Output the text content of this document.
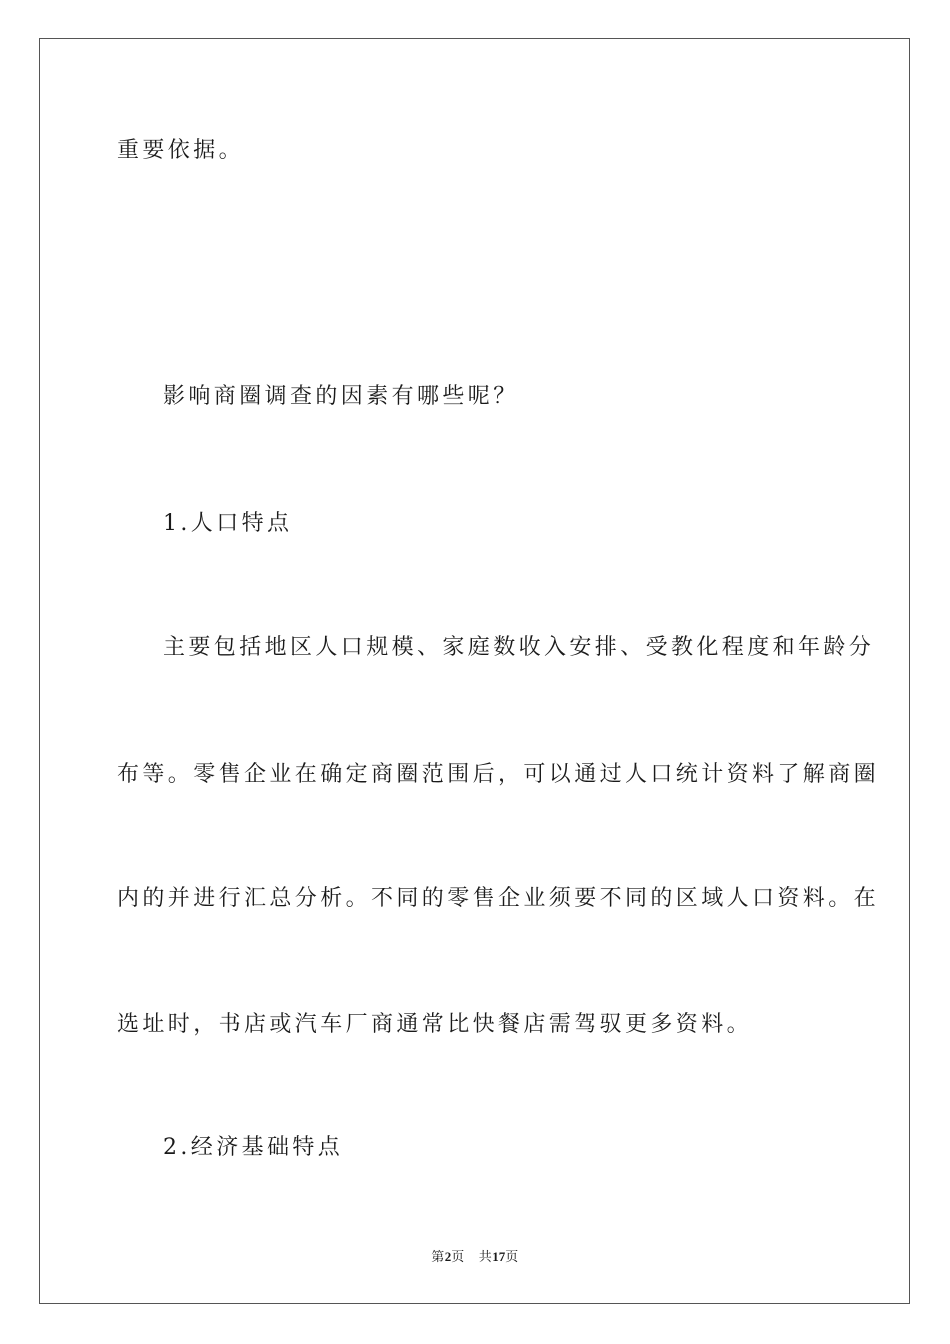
重要依据。
影响商圈调查的因素有哪些呢？
1.人口特点
主要包括地区人口规模、家庭数收入安排、受教化程度和年龄分
布等。零售企业在确定商圈范围后，可以通过人口统计资料了解商圈
内的并进行汇总分析。不同的零售企业须要不同的区域人口资料。在
选址时，书店或汽车厂商通常比快餐店需驾驭更多资料。
2.经济基础特点
第2页 共17页
